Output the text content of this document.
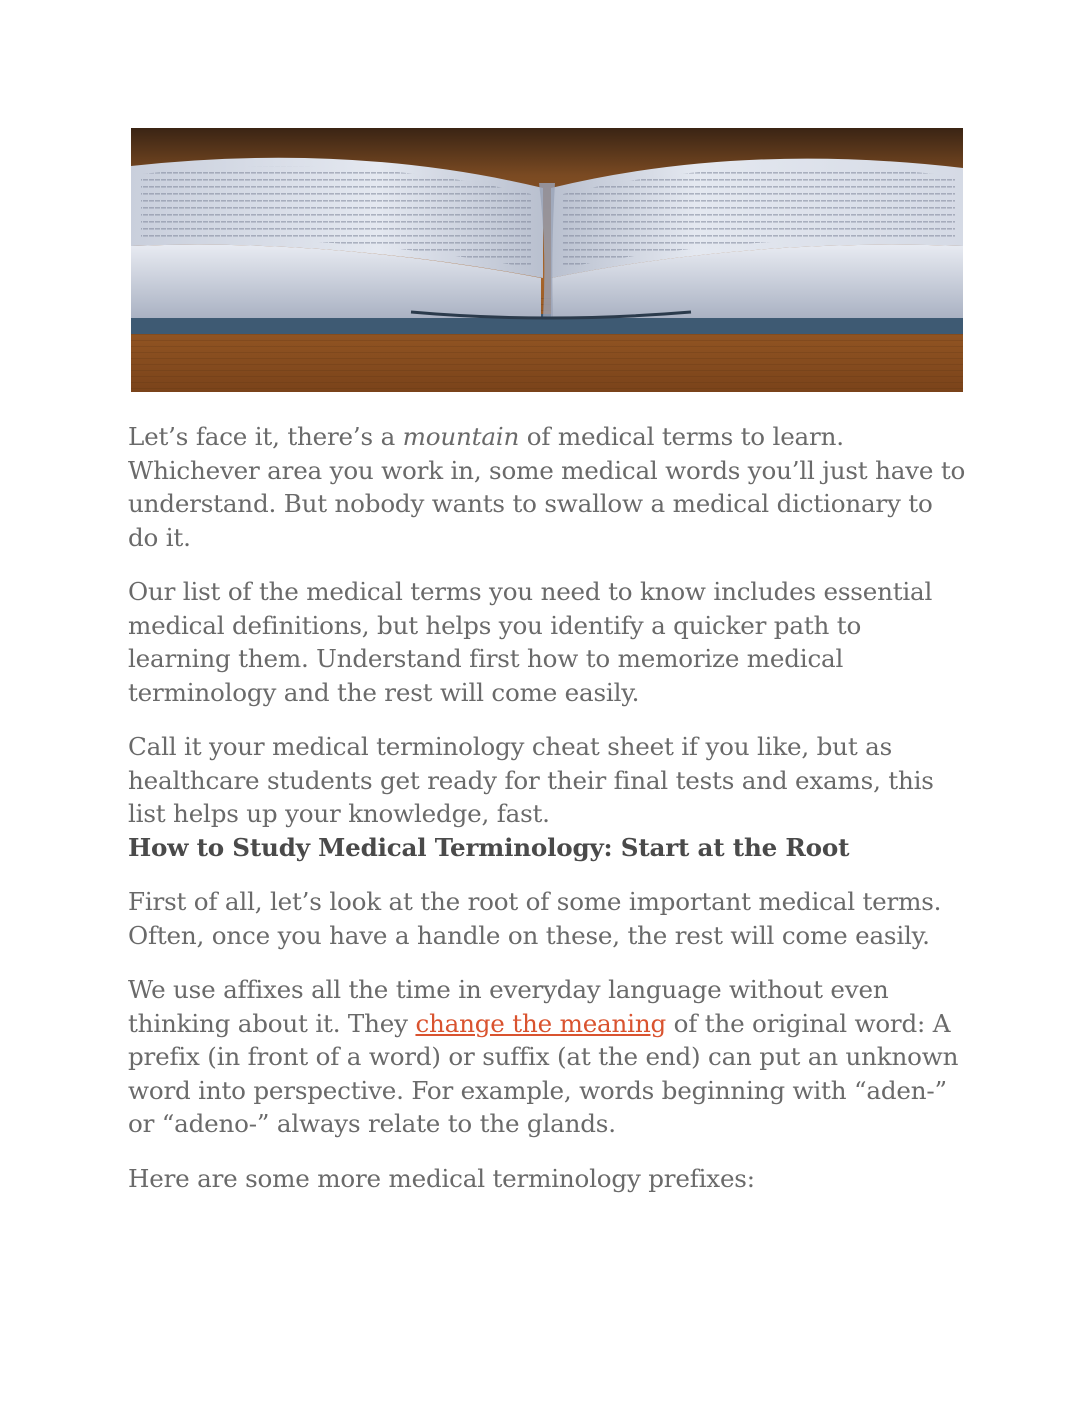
Let’s face it, there’s a mountain of medical terms to learn. Whichever area you work in, some medical words you’ll just have to understand. But nobody wants to swallow a medical dictionary to do it.

Our list of the medical terms you need to know includes essential medical definitions, but helps you identify a quicker path to learning them. Understand first how to memorize medical terminology and the rest will come easily.

Call it your medical terminology cheat sheet if you like, but as healthcare students get ready for their final tests and exams, this list helps up your knowledge, fast.

How to Study Medical Terminology: Start at the Root

First of all, let’s look at the root of some important medical terms. Often, once you have a handle on these, the rest will come easily.

We use affixes all the time in everyday language without even thinking about it. They change the meaning of the original word: A prefix (in front of a word) or suffix (at the end) can put an unknown word into perspective. For example, words beginning with “aden-” or “adeno-” always relate to the glands.

Here are some more medical terminology prefixes:
